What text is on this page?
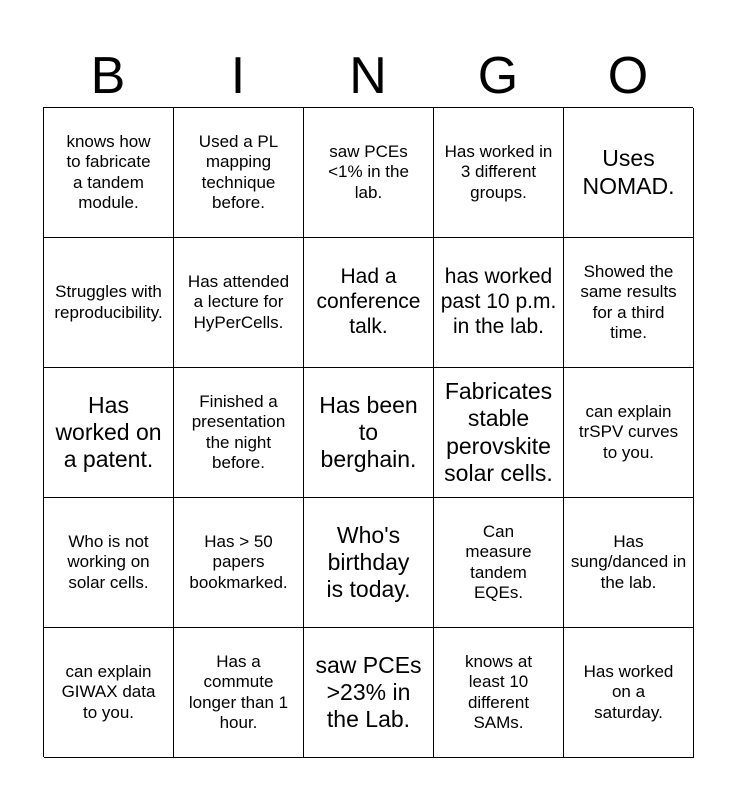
B	I	N	G	O
knows how to fabricate a tandem module.
Used a PL mapping technique before.
saw PCEs <1% in the lab.
Has worked in 3 different groups.
Uses NOMAD.
Struggles with reproducibility.
Has attended a lecture for HyPerCells.
Had a conference talk.
has worked past 10 p.m. in the lab.
Showed the same results for a third time.
Has worked on a patent.
Finished a presentation the night before.
Has been to berghain.
Fabricates stable perovskite solar cells.
can explain trSPV curves to you.
Who is not working on solar cells.
Has > 50 papers bookmarked.
Who's birthday is today.
Can measure tandem EQEs.
Has sung/danced in the lab.
can explain GIWAX data to you.
Has a commute longer than 1 hour.
saw PCEs >23% in the Lab.
knows at least 10 different SAMs.
Has worked on a saturday.
